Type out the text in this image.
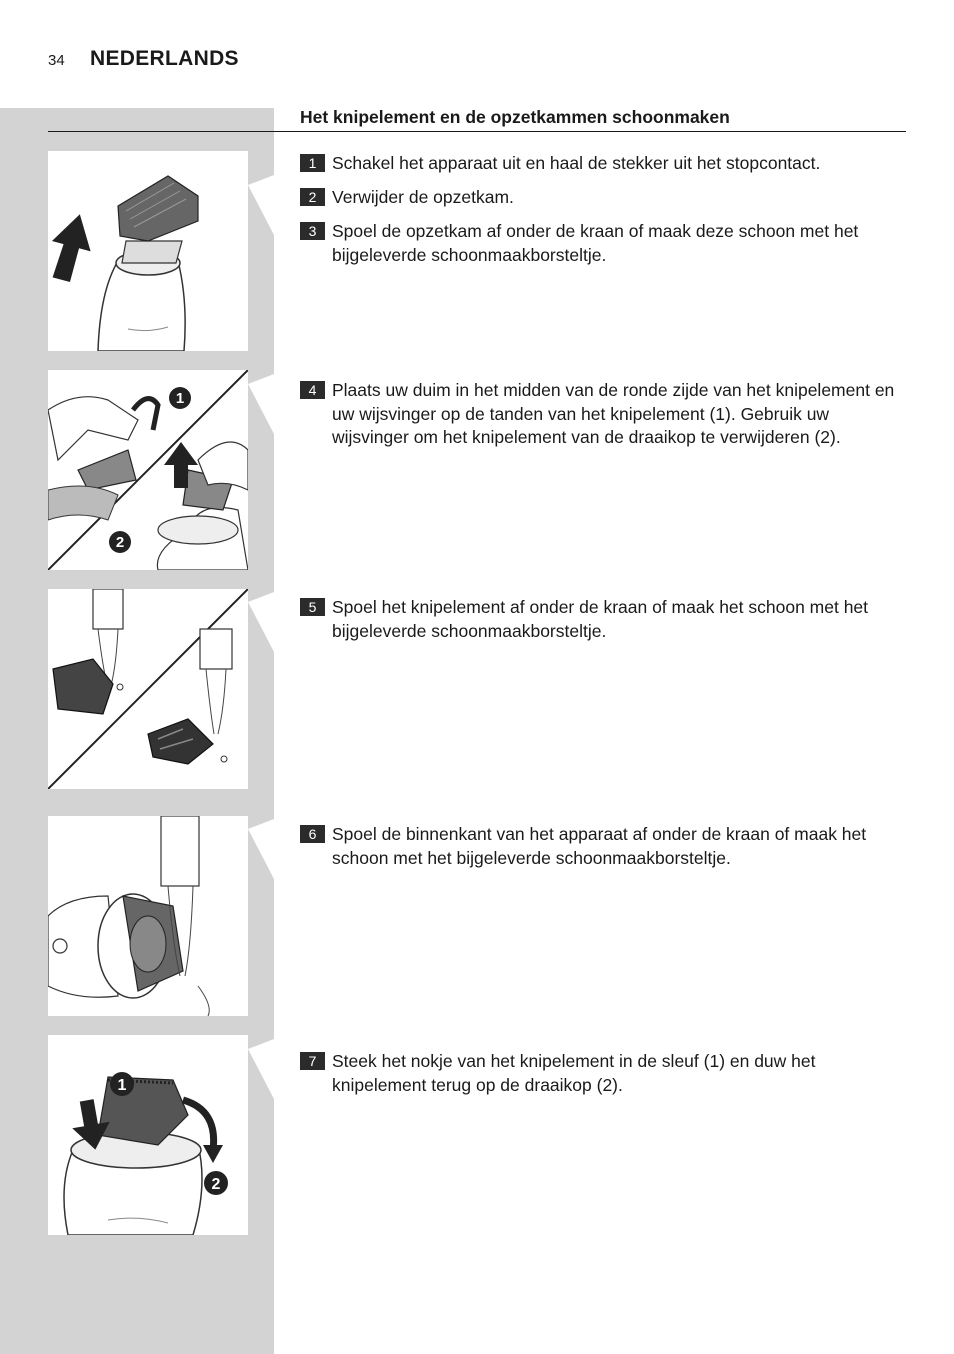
34 NEDERLANDS
Het knipelement en de opzetkammen schoonmaken
1
2
1
2
1 Schakel het apparaat uit en haal de stekker uit het stopcontact.
2 Verwijder de opzetkam.
3 Spoel de opzetkam af onder de kraan of maak deze schoon met het bijgeleverde schoonmaakborsteltje.
4 Plaats uw duim in het midden van de ronde zijde van het knipelement en uw wijsvinger op de tanden van het knipelement (1). Gebruik uw wijsvinger om het knipelement van de draaikop te verwijderen (2).
5 Spoel het knipelement af onder de kraan of maak het schoon met het bijgeleverde schoonmaakborsteltje.
6 Spoel de binnenkant van het apparaat af onder de kraan of maak het schoon met het bijgeleverde schoonmaakborsteltje.
7 Steek het nokje van het knipelement in de sleuf (1) en duw het knipelement terug op de draaikop (2).
